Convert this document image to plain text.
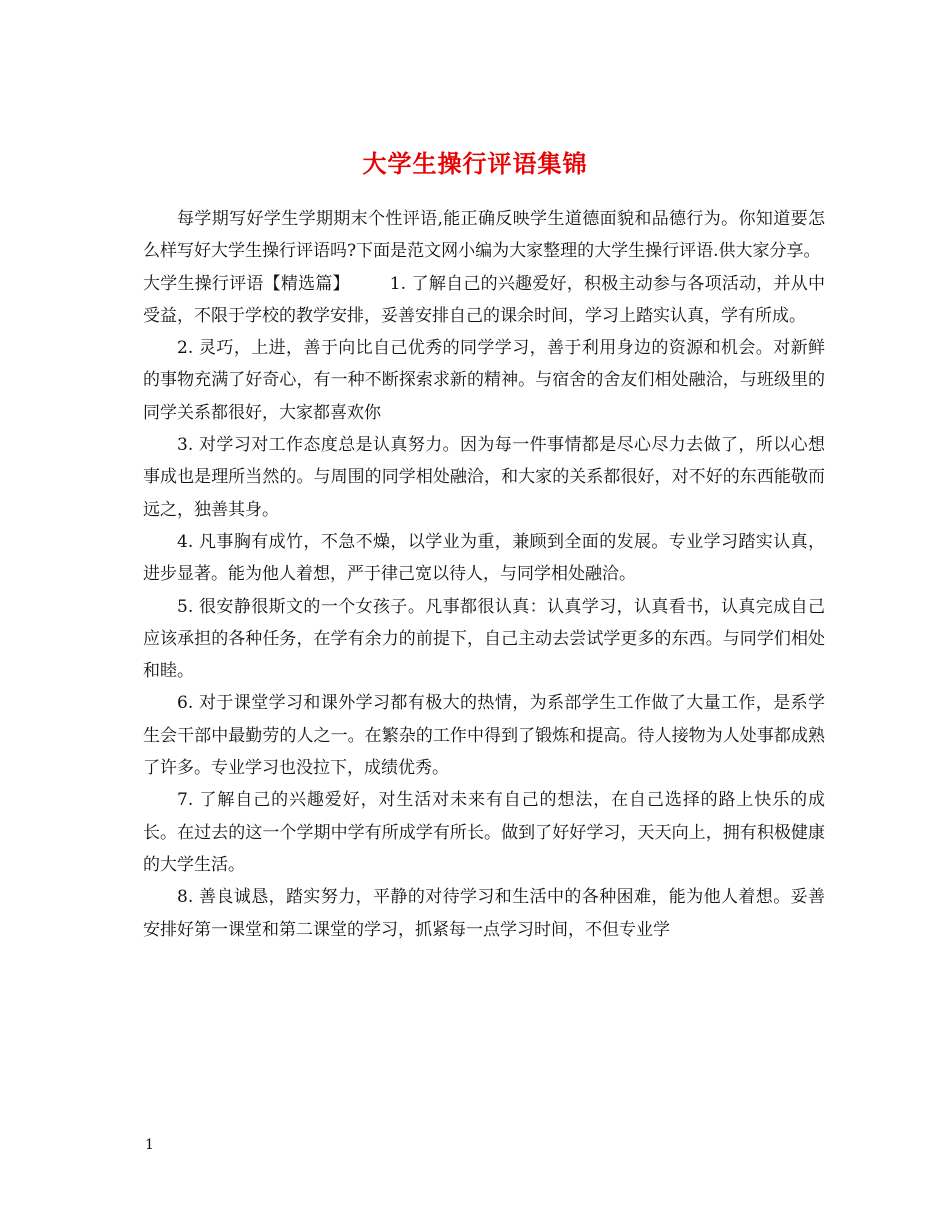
大学生操行评语集锦

每学期写好学生学期期末个性评语,能正确反映学生道德面貌和品德行为。你知道要怎么样写好大学生操行评语吗?下面是范文网小编为大家整理的大学生操行评语.供大家分享。

大学生操行评语【精选篇】 1. 了解自己的兴趣爱好，积极主动参与各项活动，并从中受益，不限于学校的教学安排，妥善安排自己的课余时间，学习上踏实认真，学有所成。

2. 灵巧，上进，善于向比自己优秀的同学学习，善于利用身边的资源和机会。对新鲜的事物充满了好奇心，有一种不断探索求新的精神。与宿舍的舍友们相处融洽，与班级里的同学关系都很好，大家都喜欢你

3. 对学习对工作态度总是认真努力。因为每一件事情都是尽心尽力去做了，所以心想事成也是理所当然的。与周围的同学相处融洽，和大家的关系都很好，对不好的东西能敬而远之，独善其身。

4. 凡事胸有成竹，不急不燥，以学业为重，兼顾到全面的发展。专业学习踏实认真，进步显著。能为他人着想，严于律己宽以待人，与同学相处融洽。

5. 很安静很斯文的一个女孩子。凡事都很认真：认真学习，认真看书，认真完成自己应该承担的各种任务，在学有余力的前提下，自己主动去尝试学更多的东西。与同学们相处和睦。

6. 对于课堂学习和课外学习都有极大的热情，为系部学生工作做了大量工作，是系学生会干部中最勤劳的人之一。在繁杂的工作中得到了锻炼和提高。待人接物为人处事都成熟了许多。专业学习也没拉下，成绩优秀。

7. 了解自己的兴趣爱好，对生活对未来有自己的想法，在自己选择的路上快乐的成长。在过去的这一个学期中学有所成学有所长。做到了好好学习，天天向上，拥有积极健康的大学生活。

8. 善良诚恳，踏实努力，平静的对待学习和生活中的各种困难，能为他人着想。妥善安排好第一课堂和第二课堂的学习，抓紧每一点学习时间，不但专业学

1
